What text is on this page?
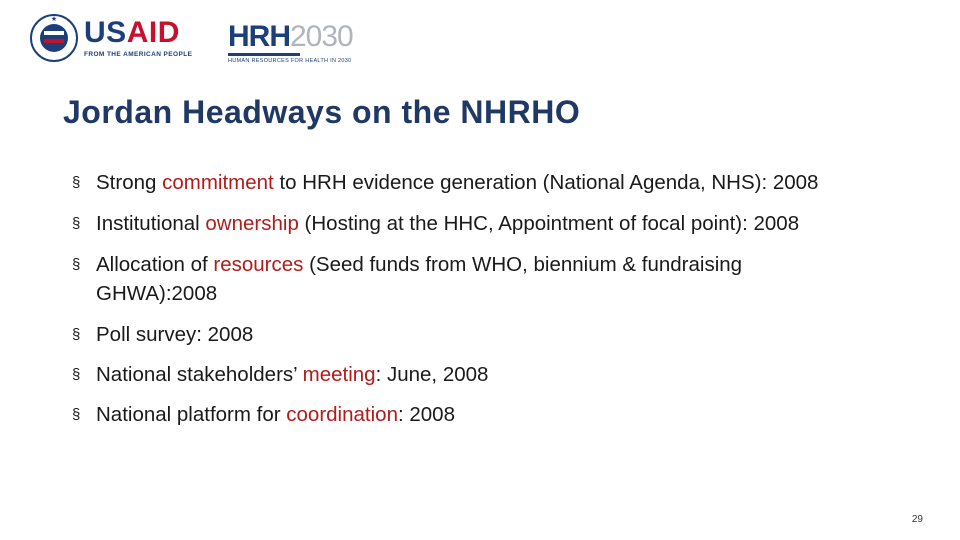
★ USAID
FROM THE AMERICAN PEOPLE
HRH 2030
HUMAN RESOURCES FOR HEALTH IN 2030
Jordan Headways on the NHRHO
§ Strong commitment to HRH evidence generation (National Agenda, NHS): 2008
§ Institutional ownership (Hosting at the HHC, Appointment of focal point): 2008
§ Allocation of resources (Seed funds from WHO, biennium & fundraising GHWA):2008
§ Poll survey: 2008
§ National stakeholders’ meeting: June, 2008
§ National platform for coordination: 2008
29
